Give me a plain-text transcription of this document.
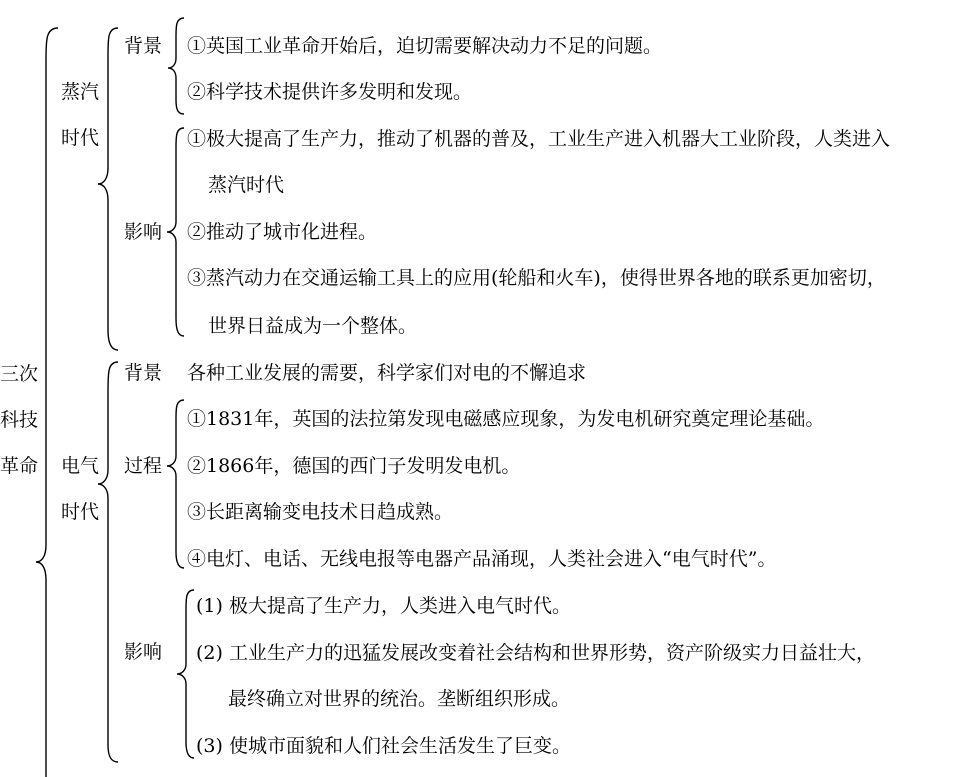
三次
科技
革命
蒸汽
时代
背景 ①英国工业革命开始后，迫切需要解决动力不足的问题。
②科学技术提供许多发明和发现。
影响
①极大提高了生产力，推动了机器的普及，工业生产进入机器大工业阶段，人类进入
蒸汽时代
②推动了城市化进程。
③蒸汽动力在交通运输工具上的应用(轮船和火车)，使得世界各地的联系更加密切，
世界日益成为一个整体。
电气
时代
背景 各种工业发展的需要，科学家们对电的不懈追求
过程
①1831年，英国的法拉第发现电磁感应现象，为发电机研究奠定理论基础。
②1866年，德国的西门子发明发电机。
③长距离输变电技术日趋成熟。
④电灯、电话、无线电报等电器产品涌现，人类社会进入“电气时代”。
影响
(1) 极大提高了生产力，人类进入电气时代。
(2) 工业生产力的迅猛发展改变着社会结构和世界形势，资产阶级实力日益壮大，
最终确立对世界的统治。垄断组织形成。
(3) 使城市面貌和人们社会生活发生了巨变。
